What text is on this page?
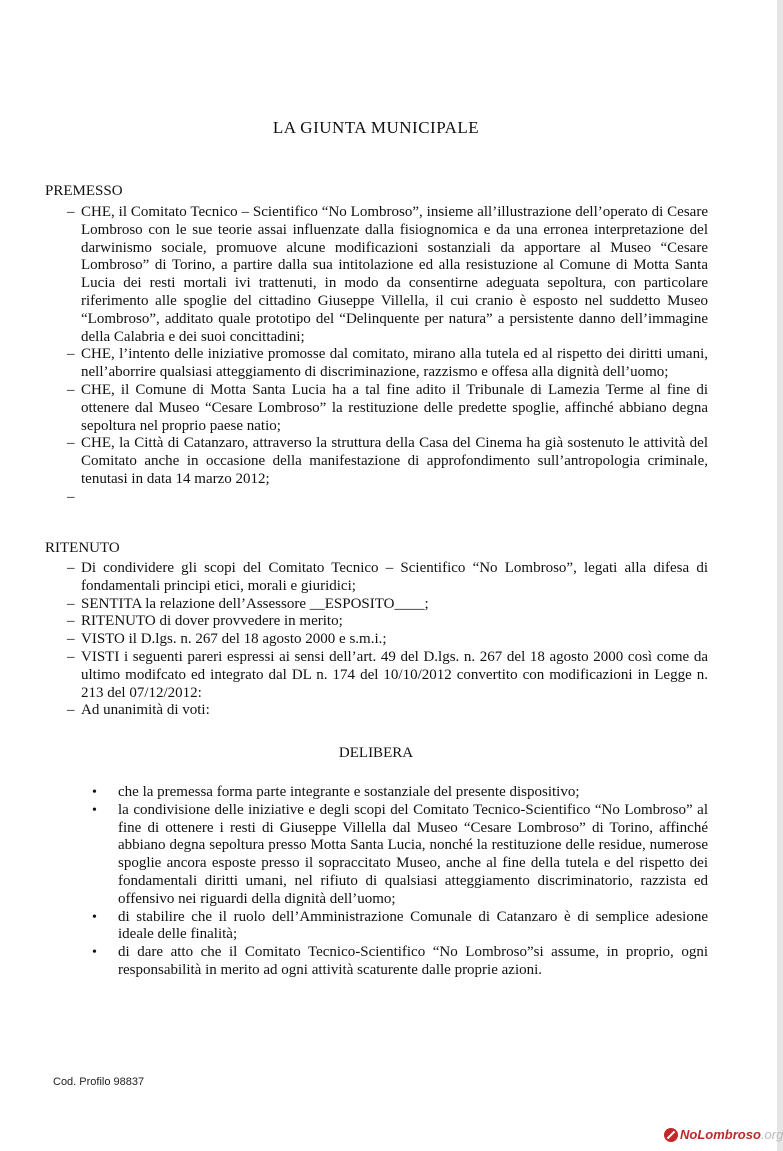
LA GIUNTA MUNICIPALE
PREMESSO
– CHE, il Comitato Tecnico – Scientifico “No Lombroso”, insieme all’illustrazione dell’operato di Cesare Lombroso con le sue teorie assai influenzate dalla fisiognomica e da una erronea interpretazione del darwinismo sociale, promuove alcune modificazioni sostanziali da apportare al Museo “Cesare Lombroso” di Torino, a partire dalla sua intitolazione ed alla resistuzione al Comune di Motta Santa Lucia dei resti mortali ivi trattenuti, in modo da consentirne adeguata sepoltura, con particolare riferimento alle spoglie del cittadino Giuseppe Villella, il cui cranio è esposto nel suddetto Museo “Lombroso”, additato quale prototipo del “Delinquente per natura” a persistente danno dell’immagine della Calabria e dei suoi concittadini;
– CHE, l’intento delle iniziative promosse dal comitato, mirano alla tutela ed al rispetto dei diritti umani, nell’aborrire qualsiasi atteggiamento di discriminazione, razzismo e offesa alla dignità dell’uomo;
– CHE, il Comune di Motta Santa Lucia ha a tal fine adito il Tribunale di Lamezia Terme al fine di ottenere dal Museo “Cesare Lombroso” la restituzione delle predette spoglie, affinché abbiano degna sepoltura nel proprio paese natio;
– CHE, la Città di Catanzaro, attraverso la struttura della Casa del Cinema ha già sostenuto le attività del Comitato anche in occasione della manifestazione di approfondimento sull’antropologia criminale, tenutasi in data 14 marzo 2012;
–
RITENUTO
– Di condividere gli scopi del Comitato Tecnico – Scientifico “No Lombroso”, legati alla difesa di fondamentali principi etici, morali e giuridici;
– SENTITA la relazione dell’Assessore __ESPOSITO____;
– RITENUTO di dover provvedere in merito;
– VISTO il D.lgs. n. 267 del 18 agosto 2000 e s.m.i.;
– VISTI i seguenti pareri espressi ai sensi dell’art. 49 del D.lgs. n. 267 del 18 agosto 2000 così come da ultimo modifcato ed integrato dal DL n. 174 del 10/10/2012 convertito con modificazioni in Legge n. 213 del 07/12/2012:
– Ad unanimità di voti:
DELIBERA
• che la premessa forma parte integrante e sostanziale del presente dispositivo;
• la condivisione delle iniziative e degli scopi del Comitato Tecnico-Scientifico “No Lombroso” al fine di ottenere i resti di Giuseppe Villella dal Museo “Cesare Lombroso” di Torino, affinché abbiano degna sepoltura presso Motta Santa Lucia, nonché la restituzione delle residue, numerose spoglie ancora esposte presso il sopraccitato Museo, anche al fine della tutela e del rispetto dei fondamentali diritti umani, nel rifiuto di qualsiasi atteggiamento discriminatorio, razzista ed offensivo nei riguardi della dignità dell’uomo;
• di stabilire che il ruolo dell’Amministrazione Comunale di Catanzaro è di semplice adesione ideale delle finalità;
• di dare atto che il Comitato Tecnico-Scientifico “No Lombroso”si assume, in proprio, ogni responsabilità in merito ad ogni attività scaturente dalle proprie azioni.
Cod. Profilo 98837
No Lombroso .org
